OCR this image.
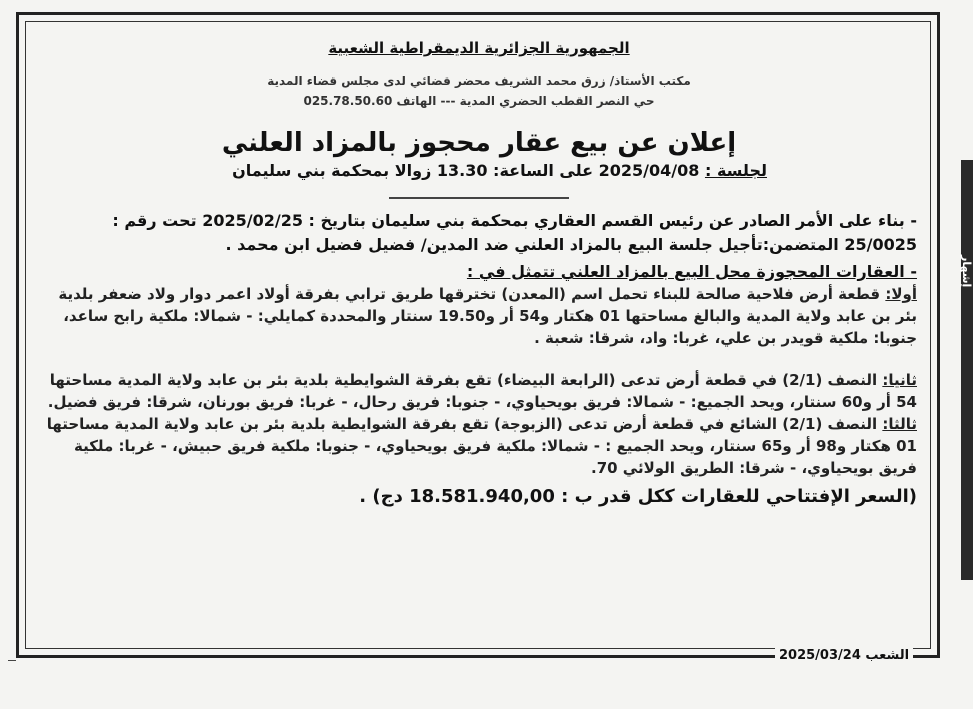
الجمهورية الجزائرية الديمقراطية الشعبية
مكتب الأستاذ/ زرق محمد الشريف محضر قضائي لدى مجلس قضاء المدية
حي النصر القطب الحضري المدية --- الهاتف 025.78.50.60
إعلان عن بيع عقار محجوز بالمزاد العلني
لجلسة : 2025/04/08 على الساعة: 13.30 زوالا بمحكمة بني سليمان
- بناء على الأمر الصادر عن رئيس القسم العقاري بمحكمة بني سليمان بتاريخ : 2025/02/25 تحت رقم : 25/0025 المتضمن:تأجيل جلسة البيع بالمزاد العلني ضد المدين/ فضيل فضيل ابن محمد .
- العقارات المحجوزة محل البيع بالمزاد العلني تتمثل في :
أولا: قطعة أرض فلاحية صالحة للبناء تحمل اسم (المعدن) تخترقها طريق ترابي بفرقة أولاد اعمر دوار ولاد ضعفر بلدية بئر بن عابد ولاية المدية والبالغ مساحتها 01 هكتار و54 أر و19.50 سنتار والمحددة كمايلي: - شمالا: ملكية رابح ساعد، جنوبا: ملكية قويدر بن علي، غربا: واد، شرقا: شعبة .
ثانيا: النصف (2/1) في قطعة أرض تدعى (الرابعة البيضاء) تقع بفرقة الشوايطية بلدية بئر بن عابد ولاية المدية مساحتها 54 أر و60 سنتار، ويحد الجميع: - شمالا: فريق بويحياوي، - جنوبا: فريق رحال، - غربا: فريق بورنان، شرقا: فريق فضيل.
ثالثا: النصف (2/1) الشائع في قطعة أرض تدعى (الزبوجة) تقع بفرقة الشوايطية بلدية بئر بن عابد ولاية المدية مساحتها 01 هكتار و98 أر و65 سنتار، ويحد الجميع : - شمالا: ملكية فريق بويحياوي، - جنوبا: ملكية فريق حبيش، - غربا: ملكية فريق بويحياوي، - شرقا: الطريق الولائي 70.
(السعر الإفتتاحي للعقارات ككل قدر ب : 18.581.940,00 دج) .
الشعب 2025/03/24
إشهار
